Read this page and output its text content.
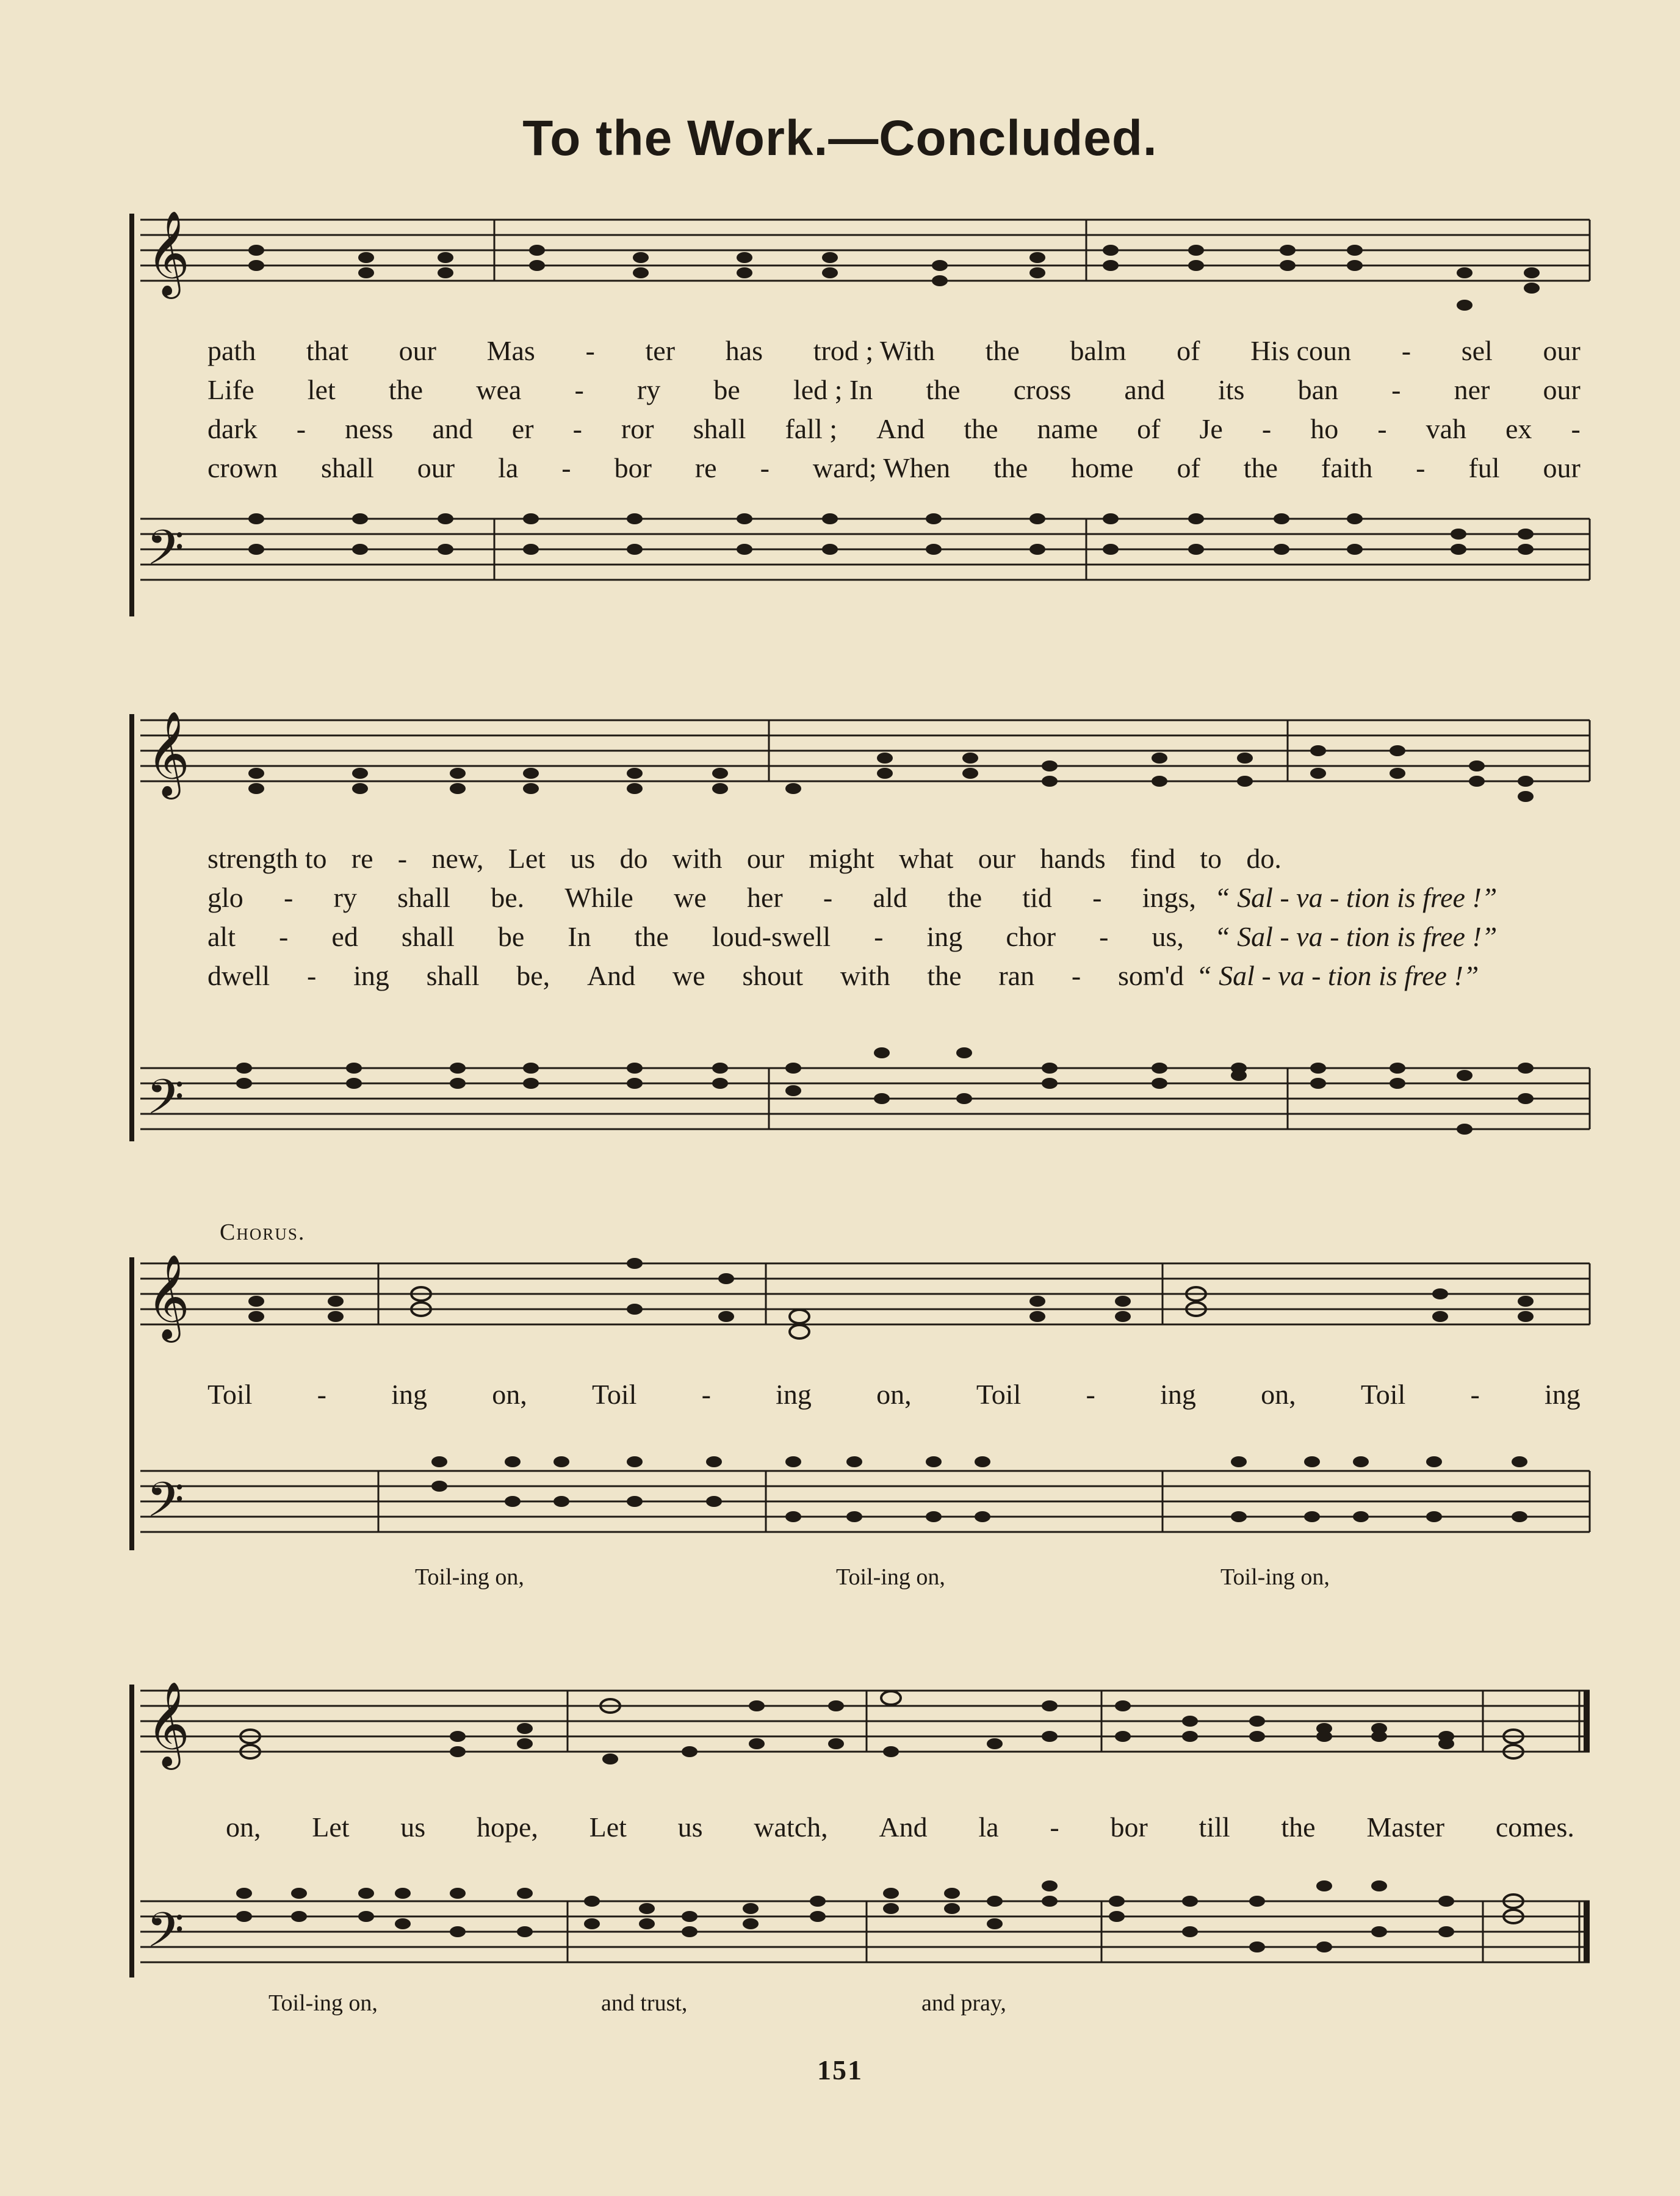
To the Work.—Concluded.
𝄞
𝄢
path that our Mas - ter has trod ; With the balm of His coun - sel our
Life let the wea - ry be led ; In the cross and its ban - ner our
dark - ness and er - ror shall fall ; And the name of Je - ho - vah ex -
crown shall our la - bor re - ward; When the home of the faith - ful our
𝄞
𝄢
strength to re - new, Let us do with our might what our hands find to do.
glo - ry shall be. While we her - ald the tid - ings, “ Sal - va - tion is free !”
alt - ed shall be In the loud-swell - ing chor - us, “ Sal - va - tion is free !”
dwell - ing shall be, And we shout with the ran - som'd “ Sal - va - tion is free !”
Chorus.
𝄞
𝄢
Toil - ing on, Toil - ing on, Toil - ing on, Toil - ing
Toil-ing on,	Toil-ing on,	Toil-ing on,
𝄞
𝄢
on, Let us hope, Let us watch, And la - bor till the Master comes.
Toil-ing on,	and trust,	and pray,
151
